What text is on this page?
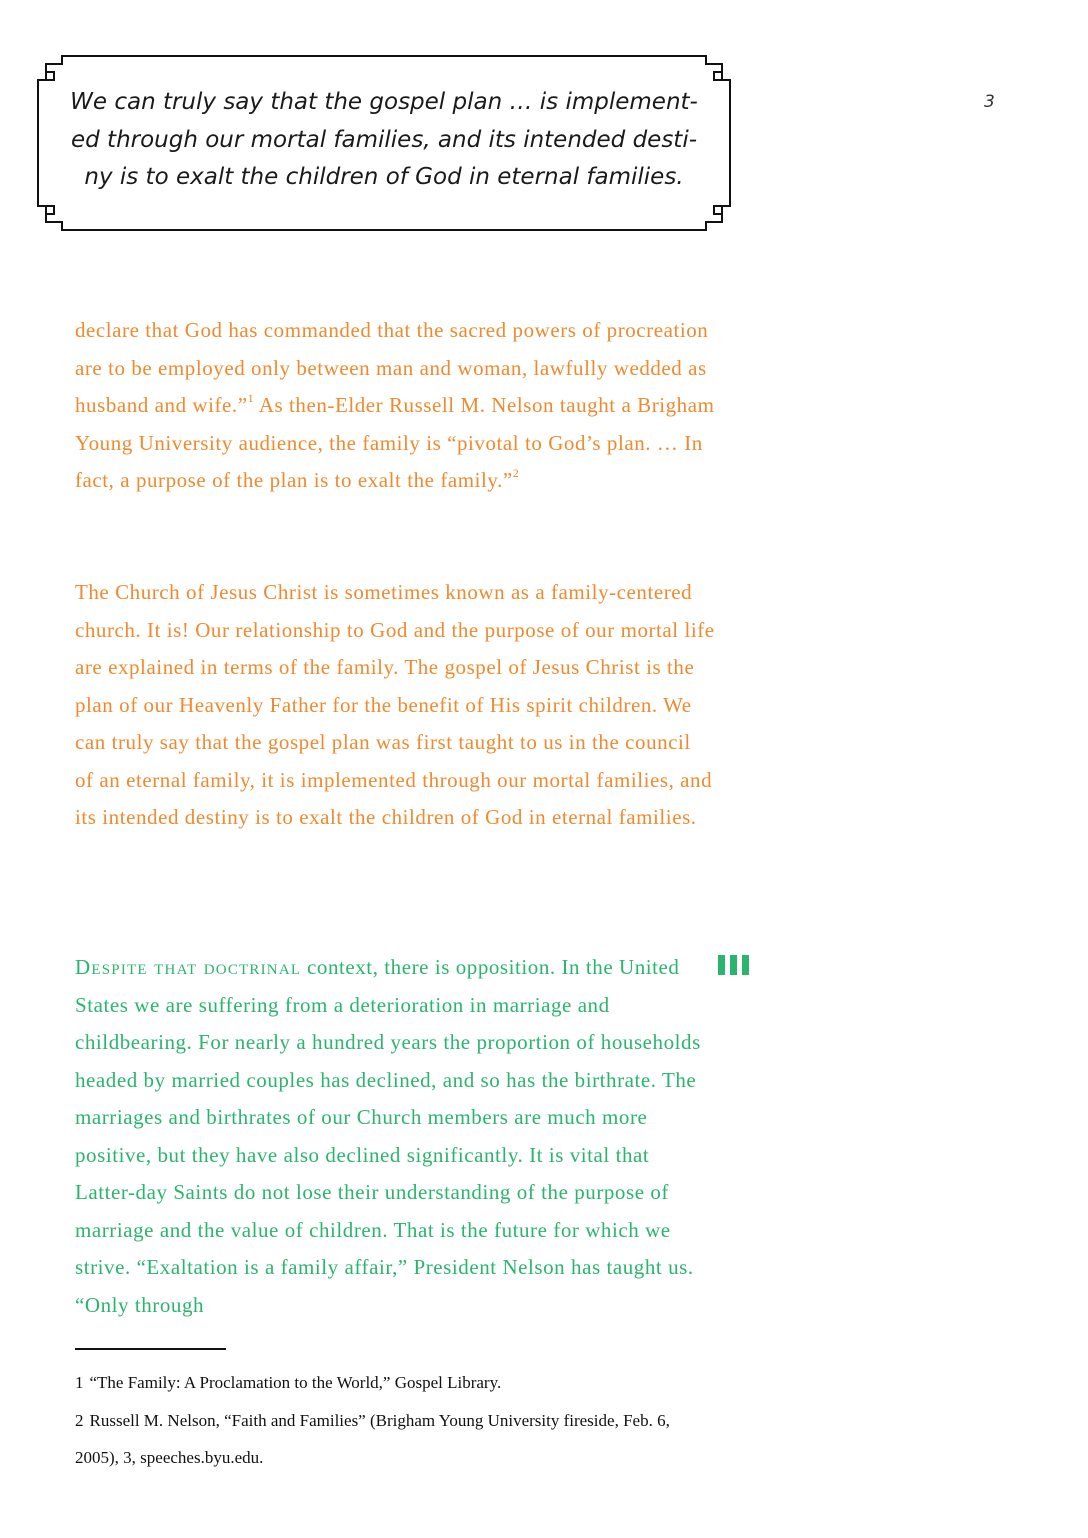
We can truly say that the gospel plan … is implement-
ed through our mortal families, and its intended desti-
ny is to exalt the children of God in eternal families.

3

declare that God has commanded that the sacred powers of procreation are to be employed only between man and woman, lawfully wedded as husband and wife.”$^1$ As then-Elder Russell M. Nelson taught a Brigham Young University audience, the family is “pivotal to God’s plan. … In fact, a purpose of the plan is to exalt the family.”$^2$

The Church of Jesus Christ is sometimes known as a family-centered church. It is! Our relationship to God and the purpose of our mortal life are explained in terms of the family. The gospel of Jesus Christ is the plan of our Heavenly Father for the benefit of His spirit children. We can truly say that the gospel plan was first taught to us in the council of an eternal family, it is implemented through our mortal families, and its intended destiny is to exalt the children of God in eternal families.

Despite that doctrinal context, there is opposition. In the United States we are suffering from a deterioration in marriage and childbearing. For nearly a hundred years the proportion of households headed by married couples has declined, and so has the birthrate. The marriages and birthrates of our Church members are much more positive, but they have also declined significantly. It is vital that Latter-day Saints do not lose their understanding of the purpose of marriage and the value of children. That is the future for which we strive. “Exaltation is a family affair,” President Nelson has taught us. “Only through

1 “The Family: A Proclamation to the World,” Gospel Library.

2 Russell M. Nelson, “Faith and Families” (Brigham Young University fireside, Feb. 6, 2005), 3, speeches.byu.edu.
